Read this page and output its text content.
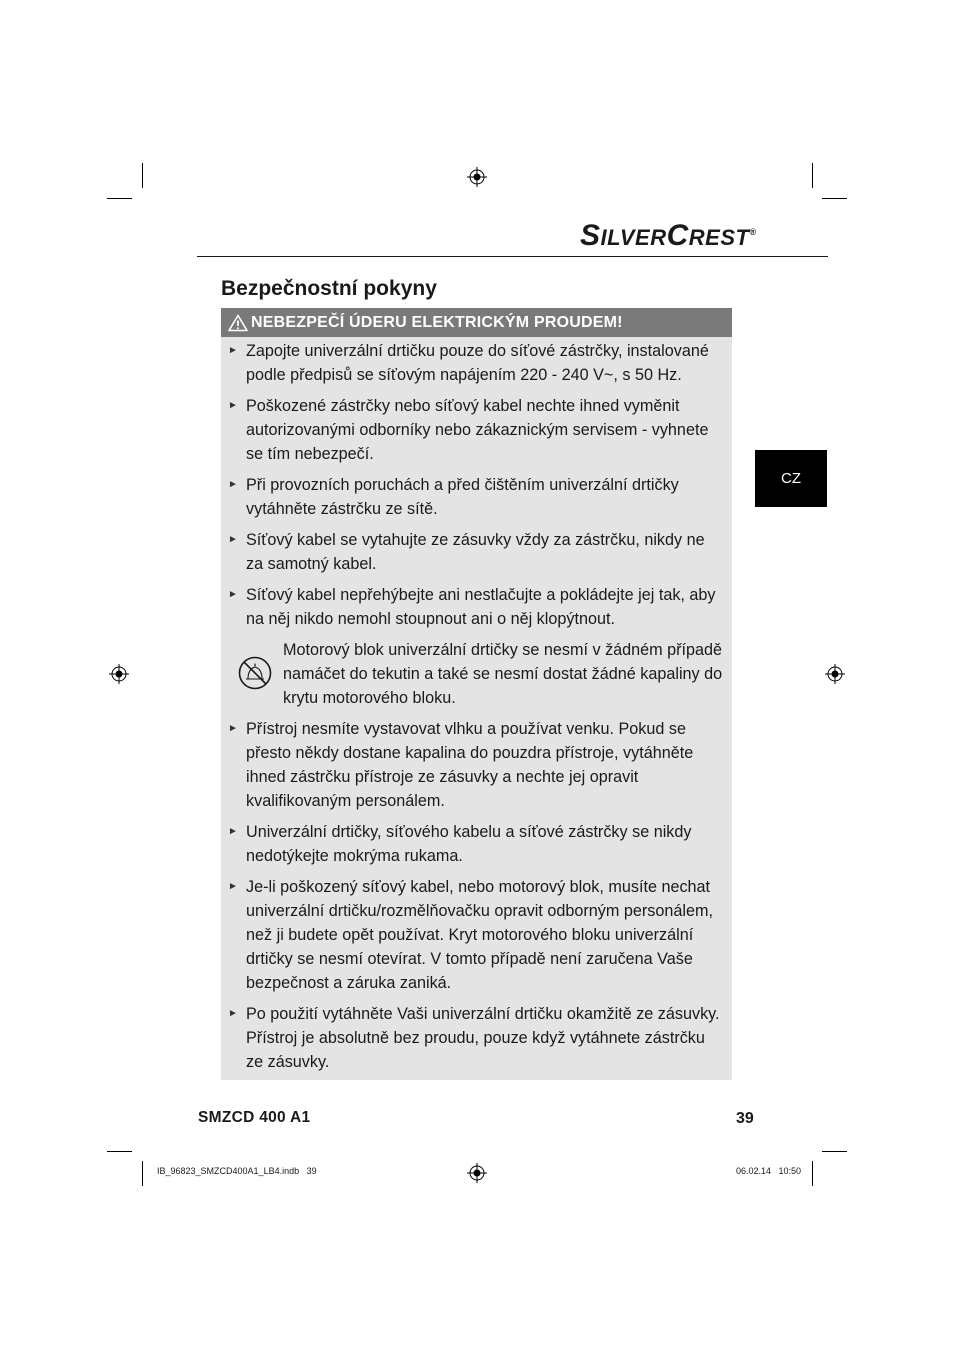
SILVERCREST®
Bezpečnostní pokyny
NEBEZPEČÍ ÚDERU ELEKTRICKÝM PROUDEM!
► Zapojte univerzální drtičku pouze do síťové zástrčky, instalované podle předpisů se síťovým napájením 220 - 240 V~, s 50 Hz.
► Poškozené zástrčky nebo síťový kabel nechte ihned vyměnit autorizovanými odborníky nebo zákaznickým servisem - vyhnete se tím nebezpečí.
► Při provozních poruchách a před čištěním univerzální drtičky vytáhněte zástrčku ze sítě.
► Síťový kabel se vytahujte ze zásuvky vždy za zástrčku, nikdy ne za samotný kabel.
► Síťový kabel nepřehýbejte ani nestlačujte a pokládejte jej tak, aby na něj nikdo nemohl stoupnout ani o něj klopýtnout.
Motorový blok univerzální drtičky se nesmí v žádném případě namáčet do tekutin a také se nesmí dostat žádné kapaliny do krytu motorového bloku.
► Přístroj nesmíte vystavovat vlhku a používat venku. Pokud se přesto někdy dostane kapalina do pouzdra přístroje, vytáhněte ihned zástrčku přístroje ze zásuvky a nechte jej opravit kvalifikovaným personálem.
► Univerzální drtičky, síťového kabelu a síťové zástrčky se nikdy nedotýkejte mokrýma rukama.
► Je-li poškozený síťový kabel, nebo motorový blok, musíte nechat univerzální drtičku/rozmělňovačku opravit odborným personálem, než ji budete opět používat. Kryt motorového bloku univerzální drtičky se nesmí otevírat. V tomto případě není zaručena Vaše bezpečnost a záruka zaniká.
► Po použití vytáhněte Vaši univerzální drtičku okamžitě ze zásuvky. Přístroj je absolutně bez proudu, pouze když vytáhnete zástrčku ze zásuvky.
CZ
SMZCD 400 A1	39
IB_96823_SMZCD400A1_LB4.indb   39	06.02.14   10:50
